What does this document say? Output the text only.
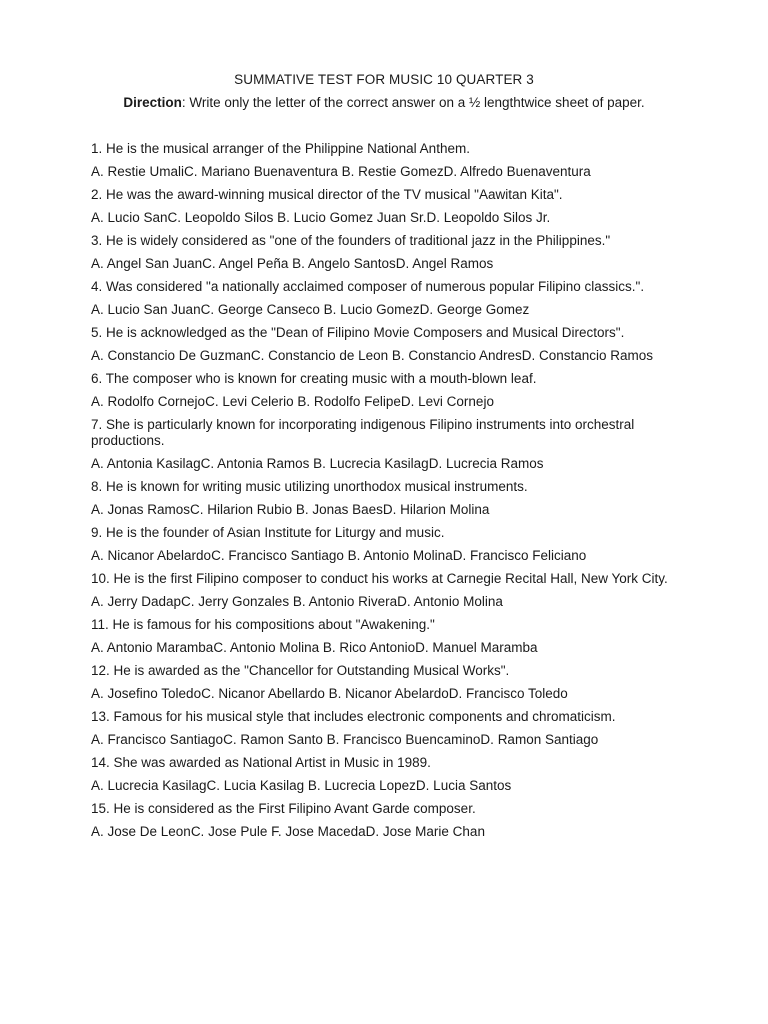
SUMMATIVE TEST FOR MUSIC 10 QUARTER 3
Direction: Write only the letter of the correct answer on a ½ lengthtwice sheet of paper.
1. He is the musical arranger of the Philippine National Anthem.
A. Restie UmaliC. Mariano Buenaventura B. Restie GomezD. Alfredo Buenaventura
2. He was the award-winning musical director of the TV musical "Aawitan Kita".
A. Lucio SanC. Leopoldo Silos B. Lucio Gomez Juan Sr.D. Leopoldo Silos Jr.
3. He is widely considered as "one of the founders of traditional jazz in the Philippines."
A. Angel San JuanC. Angel Peña B. Angelo SantosD. Angel Ramos
4. Was considered "a nationally acclaimed composer of numerous popular Filipino classics.".
A. Lucio San JuanC. George Canseco B. Lucio GomezD. George Gomez
5. He is acknowledged as the "Dean of Filipino Movie Composers and Musical Directors".
A. Constancio De GuzmanC. Constancio de Leon B. Constancio AndresD. Constancio Ramos
6. The composer who is known for creating music with a mouth-blown leaf.
A. Rodolfo CornejoC. Levi Celerio B. Rodolfo FelipeD. Levi Cornejo
7. She is particularly known for incorporating indigenous Filipino instruments into orchestral productions.
A. Antonia KasilagC. Antonia Ramos B. Lucrecia KasilagD. Lucrecia Ramos
8. He is known for writing music utilizing unorthodox musical instruments.
A. Jonas RamosC. Hilarion Rubio B. Jonas BaesD. Hilarion Molina
9. He is the founder of Asian Institute for Liturgy and music.
A. Nicanor AbelardoC. Francisco Santiago B. Antonio MolinaD. Francisco Feliciano
10. He is the first Filipino composer to conduct his works at Carnegie Recital Hall, New York City.
A. Jerry DadapC. Jerry Gonzales B. Antonio RiveraD. Antonio Molina
11. He is famous for his compositions about "Awakening."
A. Antonio MarambaC. Antonio Molina B. Rico AntonioD. Manuel Maramba
12. He is awarded as the "Chancellor for Outstanding Musical Works".
A. Josefino ToledoC. Nicanor Abellardo B. Nicanor AbelardoD. Francisco Toledo
13. Famous for his musical style that includes electronic components and chromaticism.
A. Francisco SantiagoC. Ramon Santo B. Francisco BuencaminoD. Ramon Santiago
14. She was awarded as National Artist in Music in 1989.
A. Lucrecia KasilagC. Lucia Kasilag B. Lucrecia LopezD. Lucia Santos
15. He is considered as the First Filipino Avant Garde composer.
A. Jose De LeonC. Jose Pule F. Jose MacedaD. Jose Marie Chan
